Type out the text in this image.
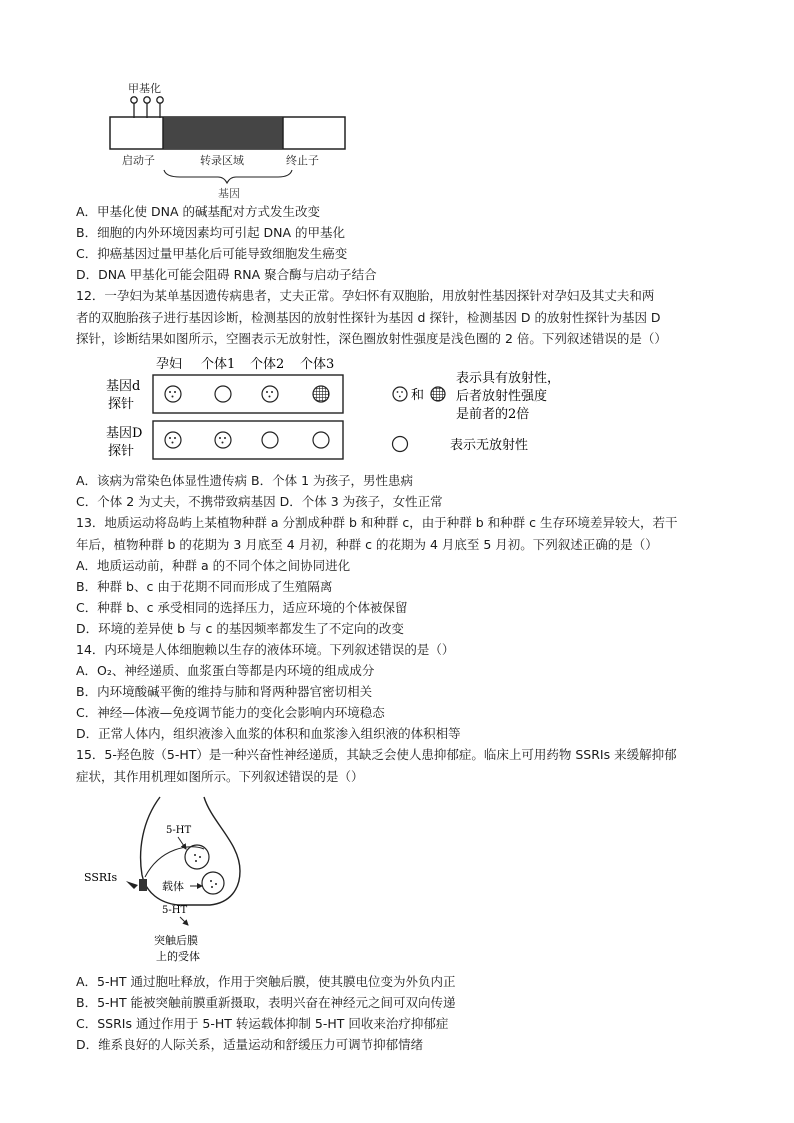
甲基化
启动子	转录区域	终止子
基因
A．甲基化使 DNA 的碱基配对方式发生改变
B．细胞的内外环境因素均可引起 DNA 的甲基化
C．抑癌基因过量甲基化后可能导致细胞发生癌变
D．DNA 甲基化可能会阻碍 RNA 聚合酶与启动子结合
12．一孕妇为某单基因遗传病患者，丈夫正常。孕妇怀有双胞胎，用放射性基因探针对孕妇及其丈夫和两
者的双胞胎孩子进行基因诊断，检测基因的放射性探针为基因 d 探针，检测基因 D 的放射性探针为基因 D
探针，诊断结果如图所示，空圈表示无放射性，深色圈放射性强度是浅色圈的 2 倍。下列叙述错误的是（）
孕妇 个体1 个体2 个体3
基因d
探针
基因D
探针
和
表示具有放射性，
后者放射性强度
是前者的2倍
表示无放射性
A．该病为常染色体显性遗传病 B．个体 1 为孩子，男性患病
C．个体 2 为丈夫，不携带致病基因 D．个体 3 为孩子，女性正常
13．地质运动将岛屿上某植物种群 a 分割成种群 b 和种群 c，由于种群 b 和种群 c 生存环境差异较大，若干
年后，植物种群 b 的花期为 3 月底至 4 月初，种群 c 的花期为 4 月底至 5 月初。下列叙述正确的是（）
A．地质运动前，种群 a 的不同个体之间协同进化
B．种群 b、c 由于花期不同而形成了生殖隔离
C．种群 b、c 承受相同的选择压力，适应环境的个体被保留
D．环境的差异使 b 与 c 的基因频率都发生了不定向的改变
14．内环境是人体细胞赖以生存的液体环境。下列叙述错误的是（）
A．O₂、神经递质、血浆蛋白等都是内环境的组成成分
B．内环境酸碱平衡的维持与肺和肾两种器官密切相关
C．神经—体液—免疫调节能力的变化会影响内环境稳态
D．正常人体内，组织液渗入血浆的体积和血浆渗入组织液的体积相等
15．5-羟色胺（5-HT）是一种兴奋性神经递质，其缺乏会使人患抑郁症。临床上可用药物 SSRIs 来缓解抑郁
症状，其作用机理如图所示。下列叙述错误的是（）
5-HT
SSRIs
载体
5-HT
突触后膜
上的受体
A．5-HT 通过胞吐释放，作用于突触后膜，使其膜电位变为外负内正
B．5-HT 能被突触前膜重新摄取，表明兴奋在神经元之间可双向传递
C．SSRIs 通过作用于 5-HT 转运载体抑制 5-HT 回收来治疗抑郁症
D．维系良好的人际关系，适量运动和舒缓压力可调节抑郁情绪
